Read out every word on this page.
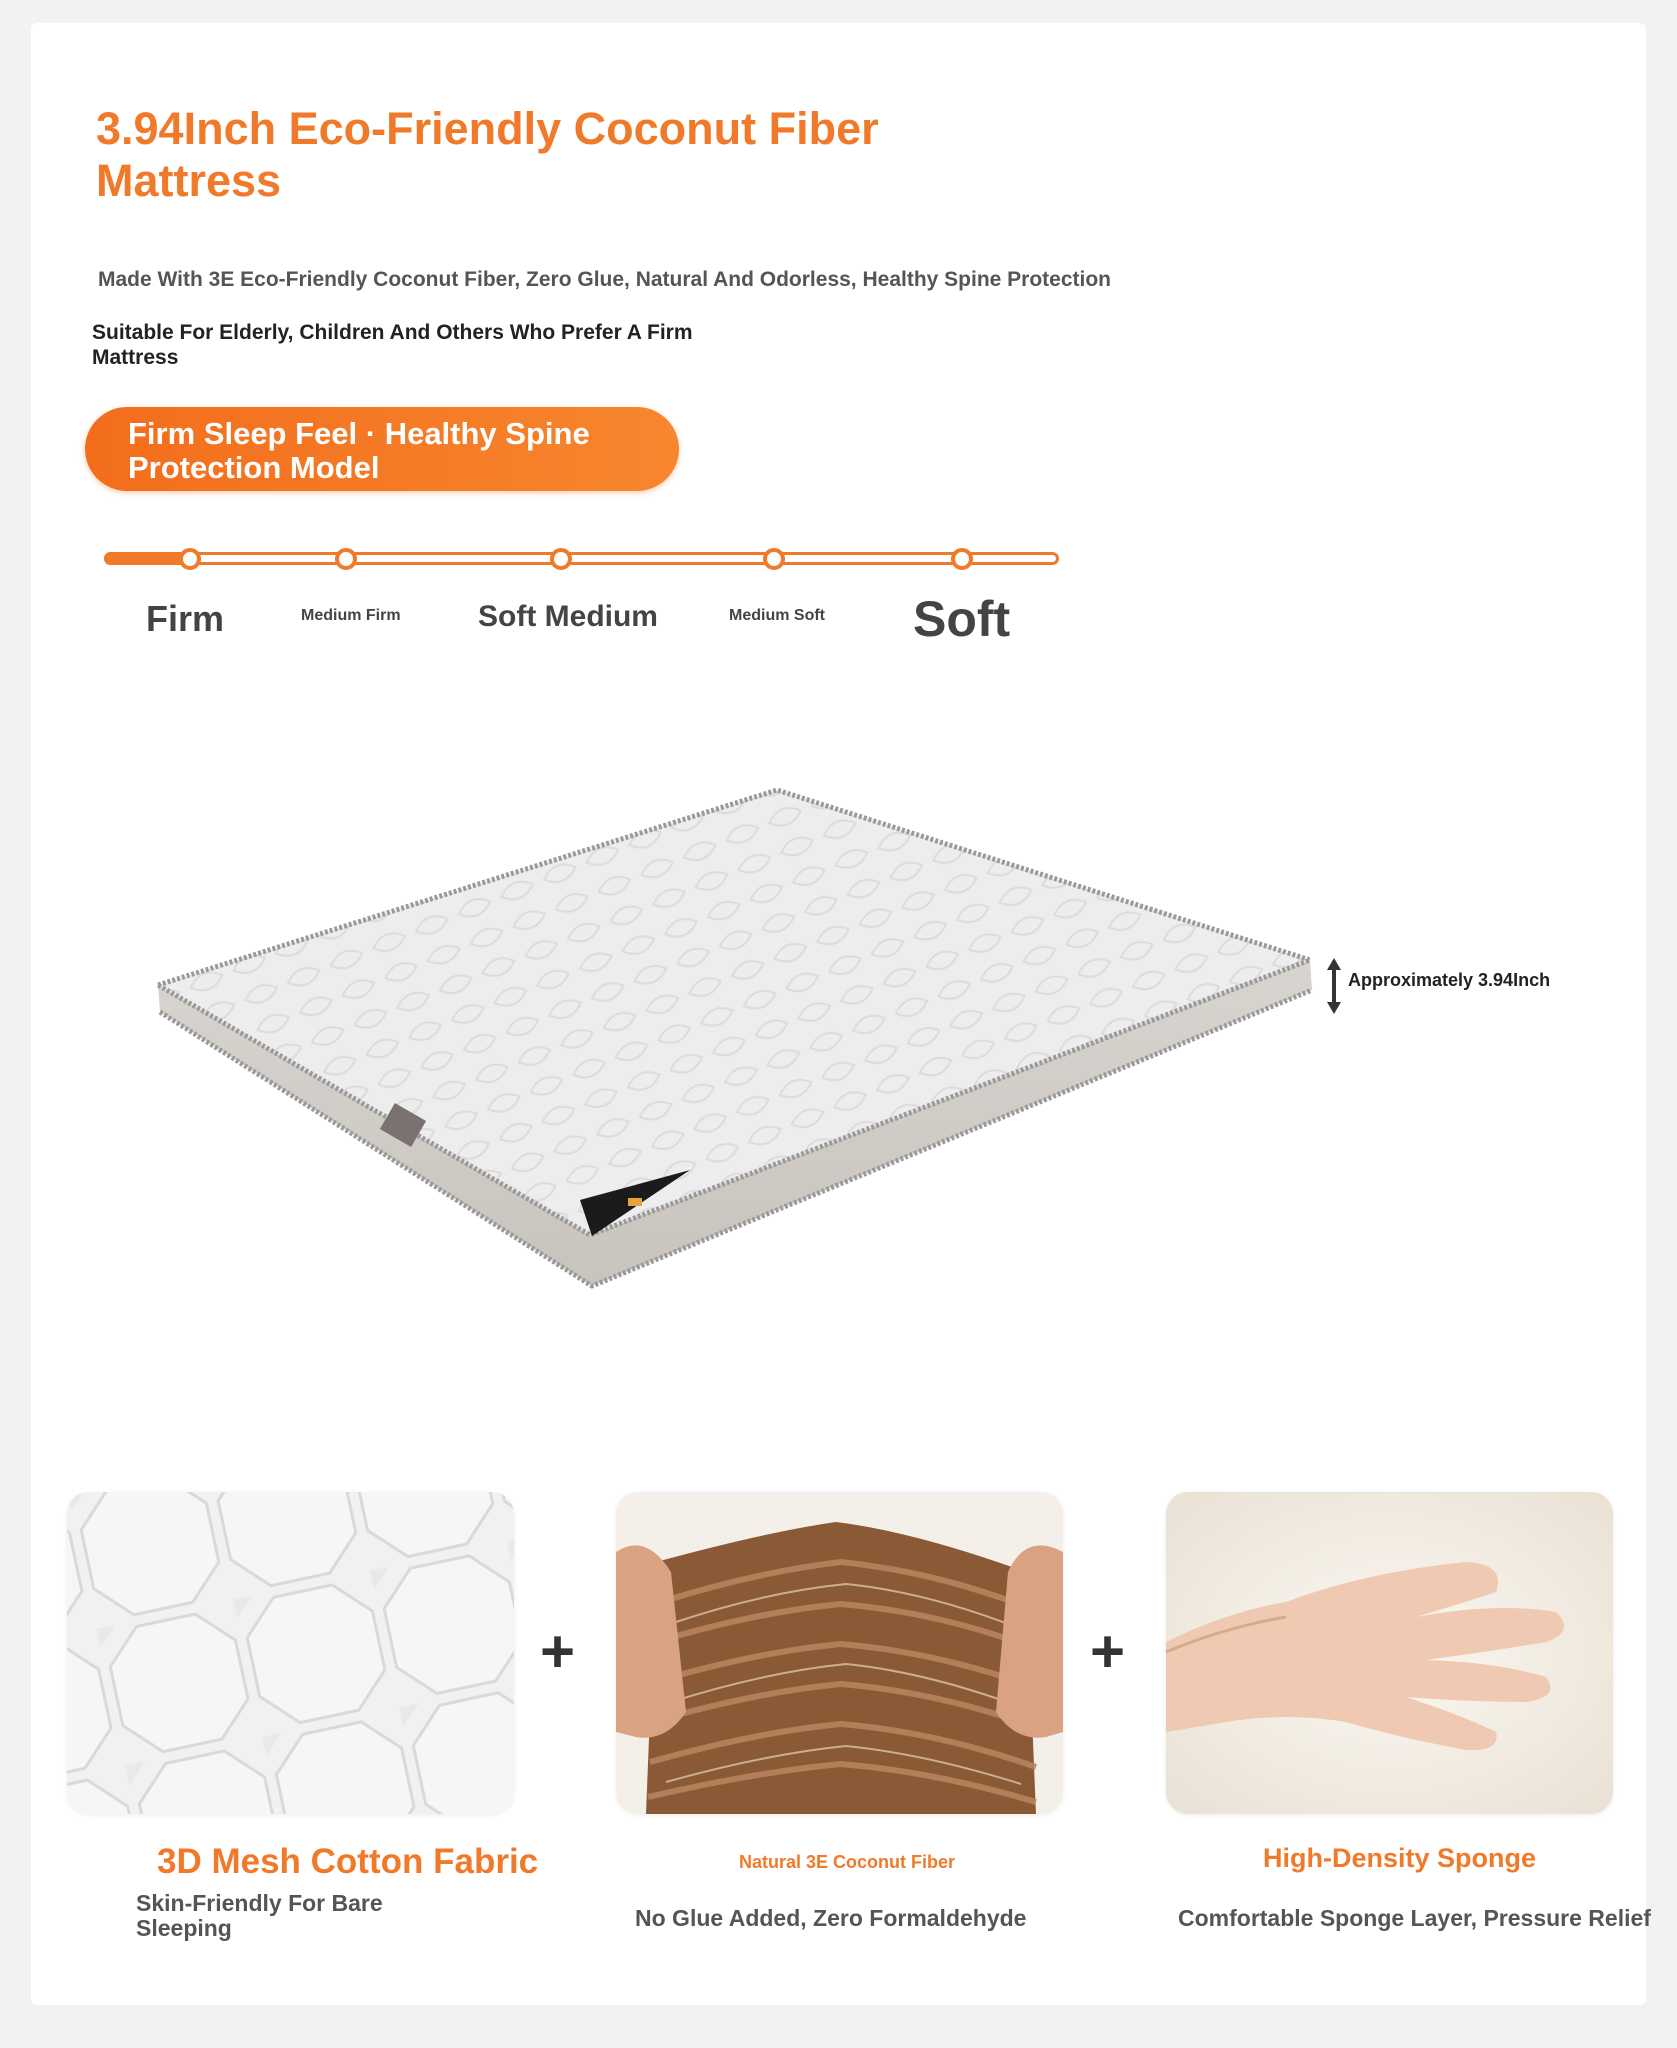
3.94Inch Eco-Friendly Coconut Fiber Mattress
Made With 3E Eco-Friendly Coconut Fiber, Zero Glue, Natural And Odorless, Healthy Spine Protection
Suitable For Elderly, Children And Others Who Prefer A Firm Mattress
Firm Sleep Feel · Healthy Spine Protection Model
Firm	Medium Firm	Soft Medium	Medium Soft Soft
Approximately 3.94Inch
+	+
3D Mesh Cotton Fabric
Skin-Friendly For Bare Sleeping
Natural 3E Coconut Fiber
No Glue Added, Zero Formaldehyde
High-Density Sponge
Comfortable Sponge Layer, Pressure Relief
